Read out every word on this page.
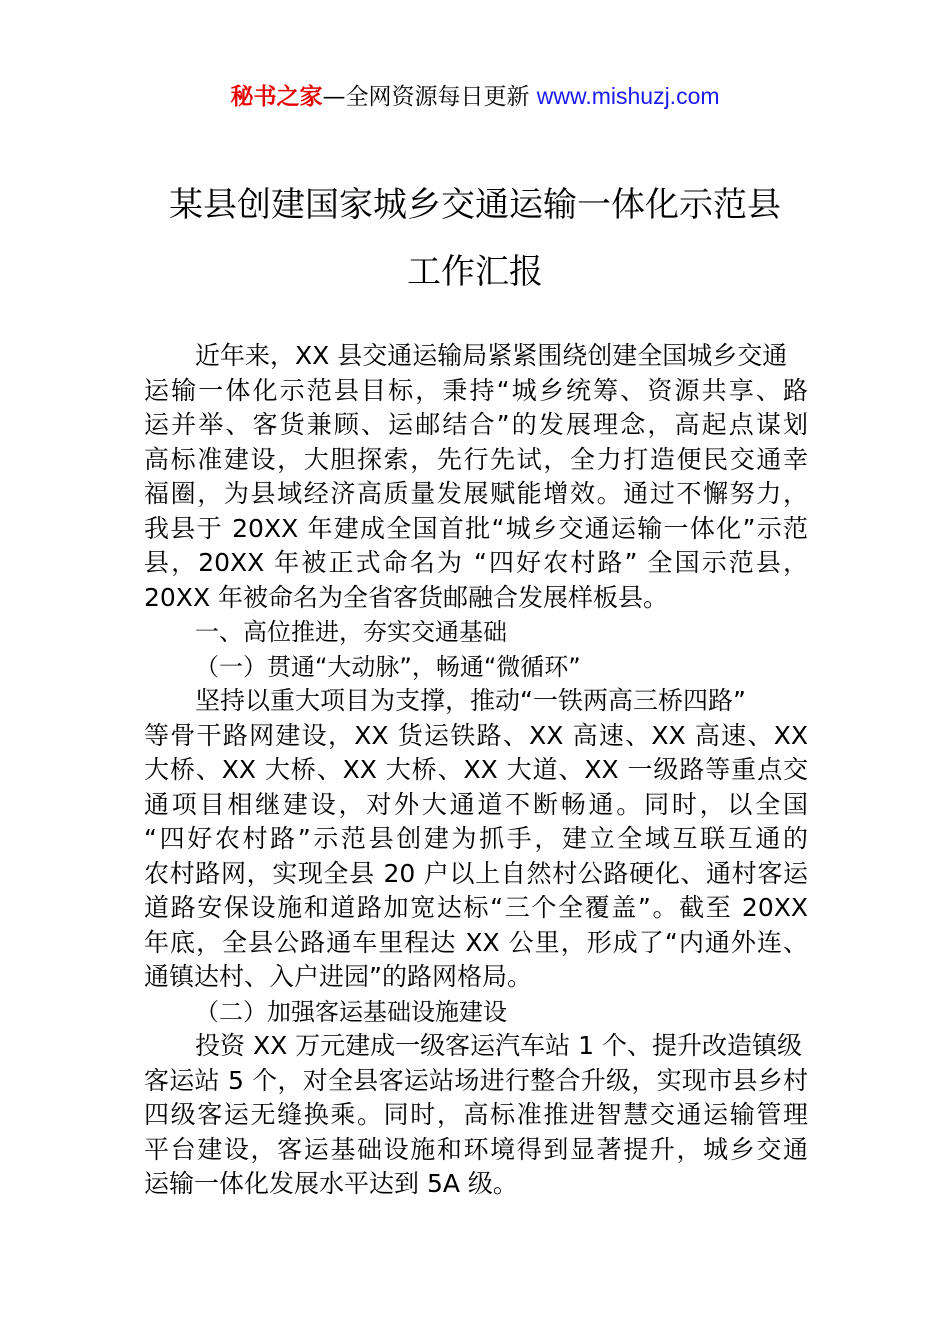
秘书之家—全网资源每日更新 www.mishuzj.com
某县创建国家城乡交通运输一体化示范县
工作汇报
近年来，XX 县交通运输局紧紧围绕创建全国城乡交通
运输一体化示范县目标，秉持“城乡统筹、资源共享、路
运并举、客货兼顾、运邮结合”的发展理念，高起点谋划
高标准建设，大胆探索，先行先试，全力打造便民交通幸
福圈，为县域经济高质量发展赋能增效。通过不懈努力，
我县于 20XX 年建成全国首批“城乡交通运输一体化”示范
县，20XX 年被正式命名为 “四好农村路” 全国示范县，
20XX 年被命名为全省客货邮融合发展样板县。
一、高位推进，夯实交通基础
（一）贯通“大动脉”，畅通“微循环”
坚持以重大项目为支撑，推动“一铁两高三桥四路”
等骨干路网建设，XX 货运铁路、XX 高速、XX 高速、XX
大桥、XX 大桥、XX 大桥、XX 大道、XX 一级路等重点交
通项目相继建设，对外大通道不断畅通。同时，以全国
“四好农村路”示范县创建为抓手，建立全域互联互通的
农村路网，实现全县 20 户以上自然村公路硬化、通村客运
道路安保设施和道路加宽达标“三个全覆盖”。截至 20XX
年底，全县公路通车里程达 XX 公里，形成了“内通外连、
通镇达村、入户进园”的路网格局。
（二）加强客运基础设施建设
投资 XX 万元建成一级客运汽车站 1 个、提升改造镇级
客运站 5 个，对全县客运站场进行整合升级，实现市县乡村
四级客运无缝换乘。同时，高标准推进智慧交通运输管理
平台建设，客运基础设施和环境得到显著提升，城乡交通
运输一体化发展水平达到 5A 级。
